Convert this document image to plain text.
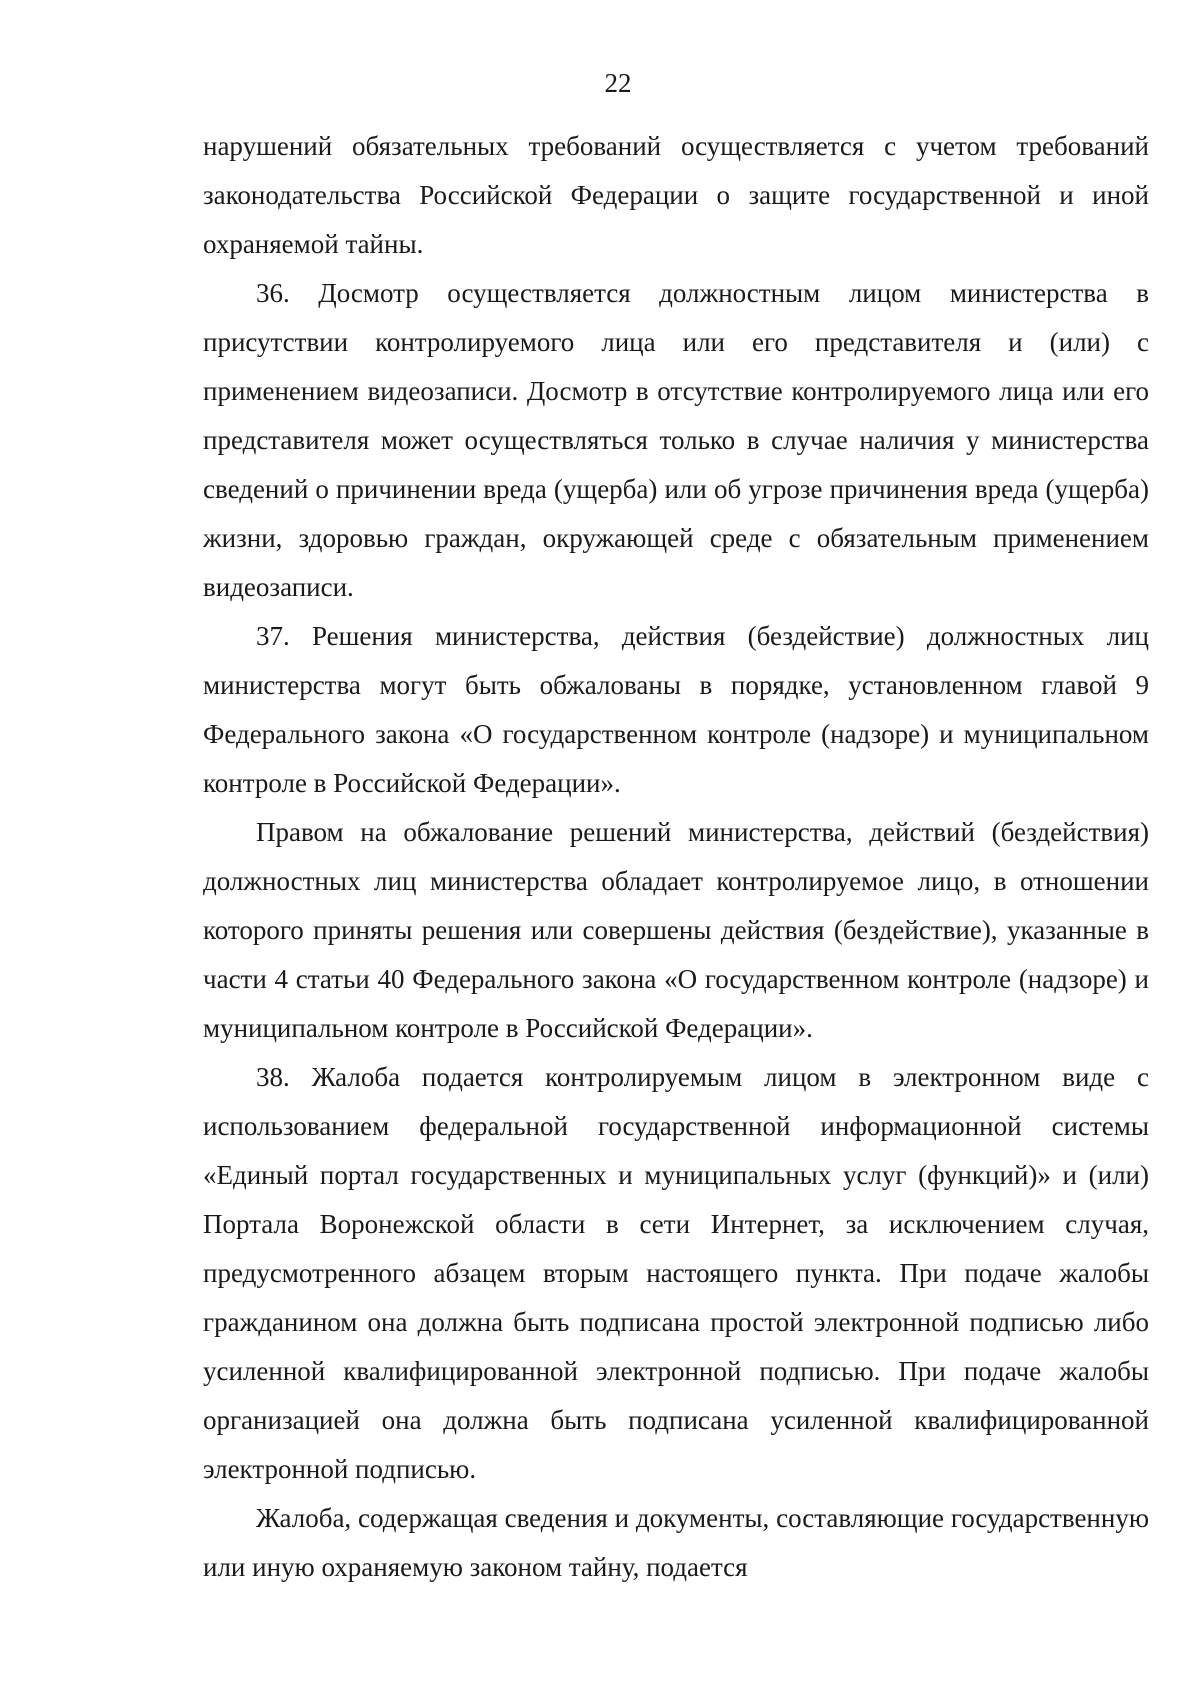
22

нарушений обязательных требований осуществляется с учетом требований законодательства Российской Федерации о защите государственной и иной охраняемой тайны.

36. Досмотр осуществляется должностным лицом министерства в присутствии контролируемого лица или его представителя и (или) с применением видеозаписи. Досмотр в отсутствие контролируемого лица или его представителя может осуществляться только в случае наличия у министерства сведений о причинении вреда (ущерба) или об угрозе причинения вреда (ущерба) жизни, здоровью граждан, окружающей среде с обязательным применением видеозаписи.

37. Решения министерства, действия (бездействие) должностных лиц министерства могут быть обжалованы в порядке, установленном главой 9 Федерального закона «О государственном контроле (надзоре) и муниципальном контроле в Российской Федерации».

Правом на обжалование решений министерства, действий (бездействия) должностных лиц министерства обладает контролируемое лицо, в отношении которого приняты решения или совершены действия (бездействие), указанные в части 4 статьи 40 Федерального закона «О государственном контроле (надзоре) и муниципальном контроле в Российской Федерации».

38. Жалоба подается контролируемым лицом в электронном виде с использованием федеральной государственной информационной системы «Единый портал государственных и муниципальных услуг (функций)» и (или) Портала Воронежской области в сети Интернет, за исключением случая, предусмотренного абзацем вторым настоящего пункта. При подаче жалобы гражданином она должна быть подписана простой электронной подписью либо усиленной квалифицированной электронной подписью. При подаче жалобы организацией она должна быть подписана усиленной квалифицированной электронной подписью.

Жалоба, содержащая сведения и документы, составляющие государственную или иную охраняемую законом тайну, подается
